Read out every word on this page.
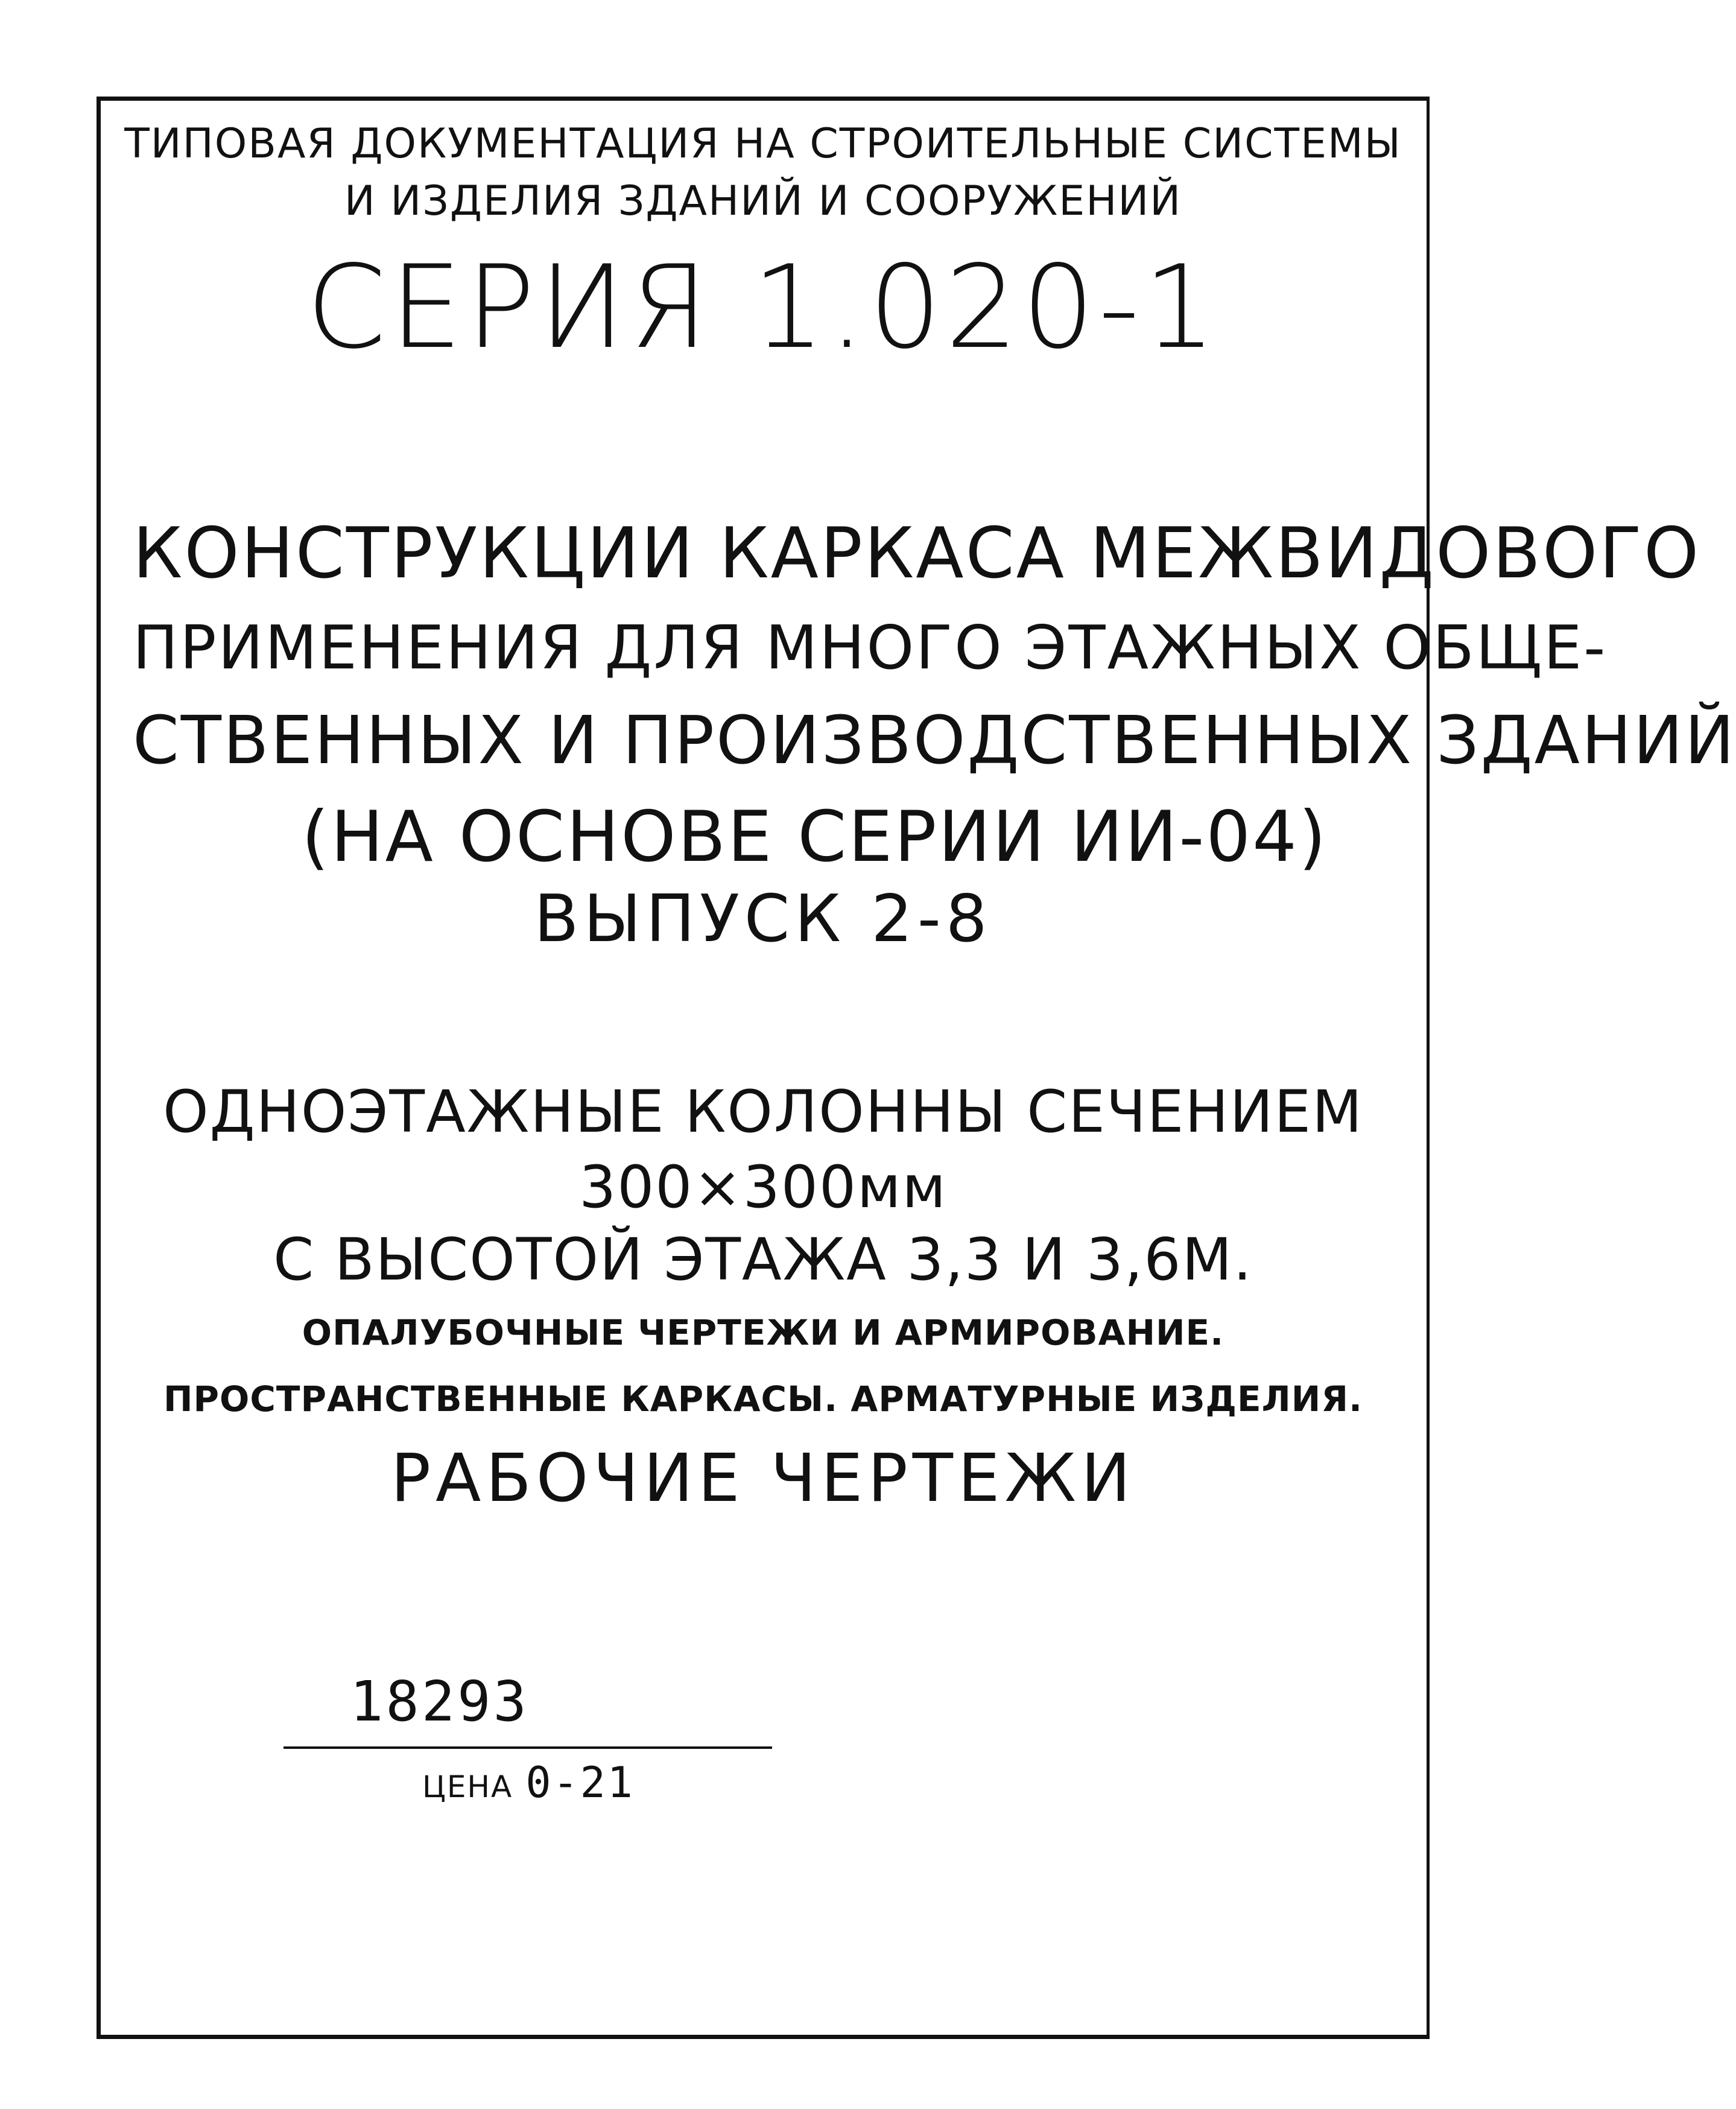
ТИПОВАЯ ДОКУМЕНТАЦИЯ НА СТРОИТЕЛЬНЫЕ СИСТЕМЫ
И ИЗДЕЛИЯ ЗДАНИЙ И СООРУЖЕНИЙ
СЕРИЯ 1.020-1
КОНСТРУКЦИИ КАРКАСА МЕЖВИДОВОГО
ПРИМЕНЕНИЯ ДЛЯ МНОГО ЭТАЖНЫХ ОБЩЕ-
СТВЕННЫХ И ПРОИЗВОДСТВЕННЫХ ЗДАНИЙ
(НА ОСНОВЕ СЕРИИ ИИ-04)
ВЫПУСК 2-8
ОДНОЭТАЖНЫЕ КОЛОННЫ СЕЧЕНИЕМ
300×300мм
С ВЫСОТОЙ ЭТАЖА 3,3 И 3,6М.
ОПАЛУБОЧНЫЕ ЧЕРТЕЖИ И АРМИРОВАНИЕ.
ПРОСТРАНСТВЕННЫЕ КАРКАСЫ. АРМАТУРНЫЕ ИЗДЕЛИЯ.
РАБОЧИЕ ЧЕРТЕЖИ
18293
ЦЕНА 0-21
